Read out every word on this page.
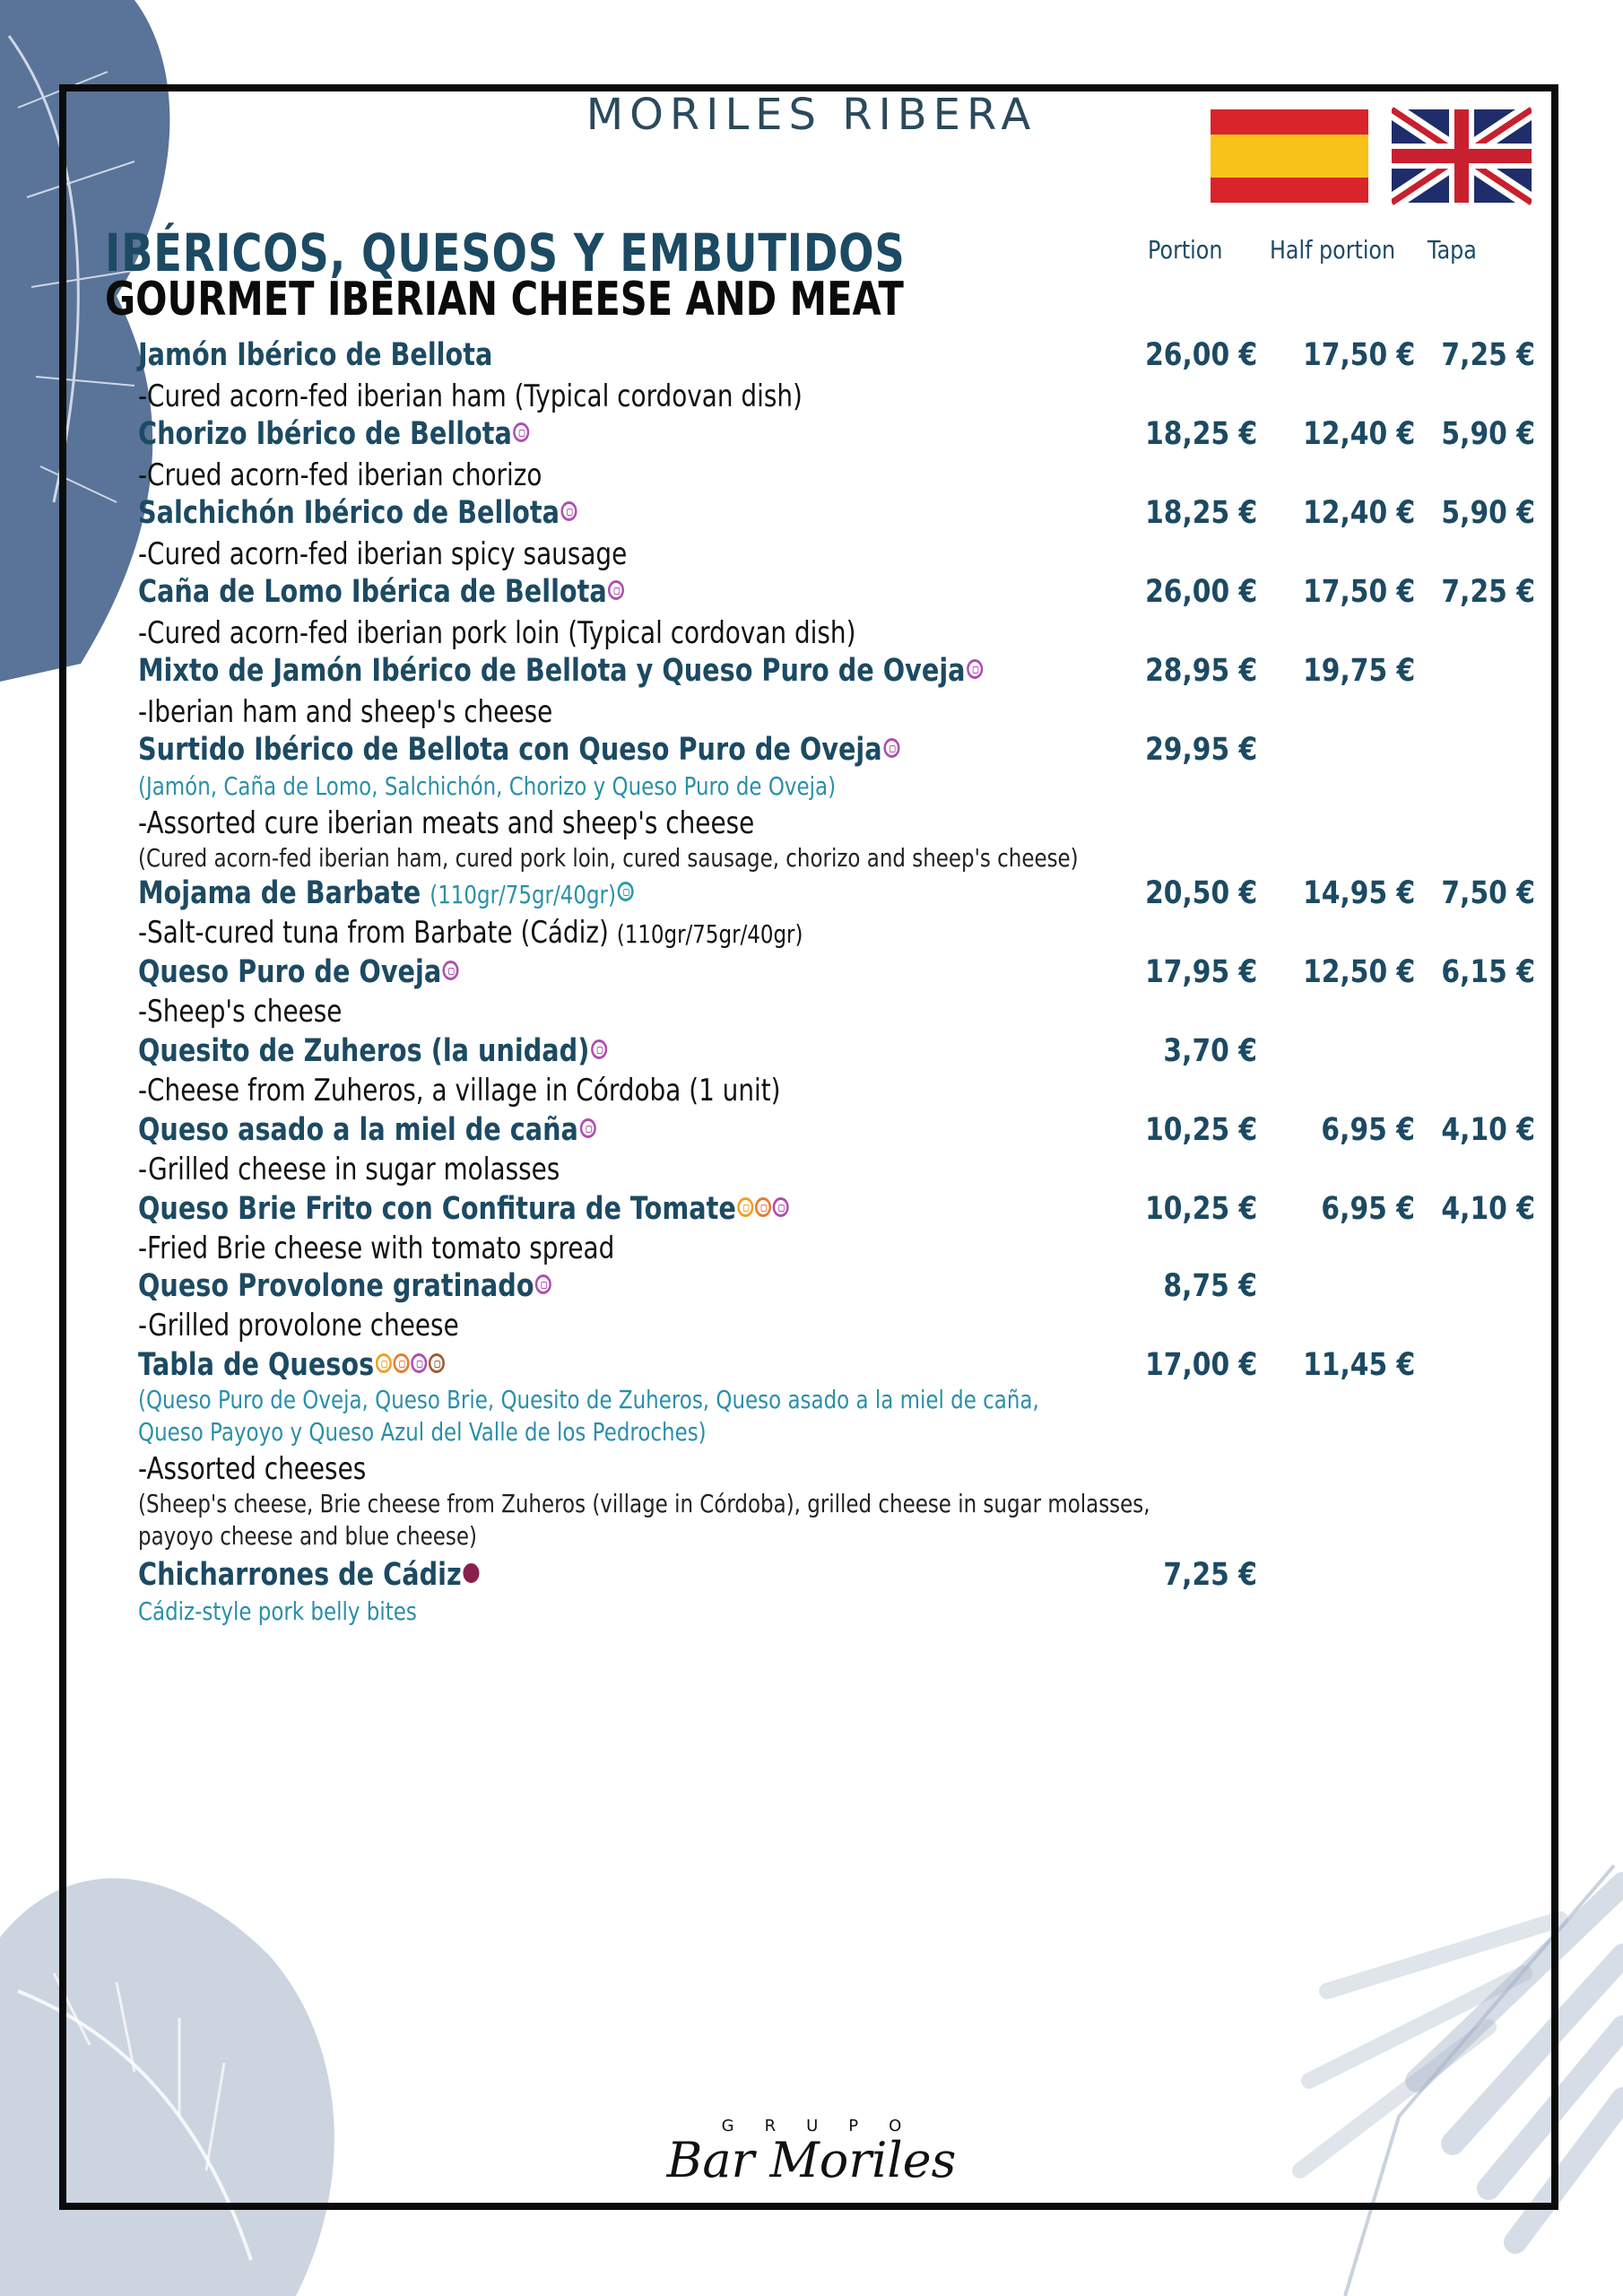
MORILES RIBERA
IBÉRICOS, QUESOS Y EMBUTIDOS
GOURMET IBERIAN CHEESE AND MEAT
Portion Half portion Tapa
Jamón Ibérico de Bellota	26,00 € 17,50 € 7,25 €
-Cured acorn-fed iberian ham (Typical cordovan dish)
Chorizo Ibérico de Bellota	18,25 € 12,40 € 5,90 €
-Crued acorn-fed iberian chorizo
Salchichón Ibérico de Bellota	18,25 € 12,40 € 5,90 €
-Cured acorn-fed iberian spicy sausage
Caña de Lomo Ibérica de Bellota	26,00 € 17,50 € 7,25 €
-Cured acorn-fed iberian pork loin (Typical cordovan dish)
Mixto de Jamón Ibérico de Bellota y Queso Puro de Oveja	28,95 € 19,75 €
-Iberian ham and sheep's cheese
Surtido Ibérico de Bellota con Queso Puro de Oveja	29,95 €
(Jamón, Caña de Lomo, Salchichón, Chorizo y Queso Puro de Oveja)
-Assorted cure iberian meats and sheep's cheese
(Cured acorn-fed iberian ham, cured pork loin, cured sausage, chorizo and sheep's cheese)
Mojama de Barbate (110gr/75gr/40gr)	20,50 € 14,95 € 7,50 €
-Salt-cured tuna from Barbate (Cádiz) (110gr/75gr/40gr)
Queso Puro de Oveja	17,95 € 12,50 € 6,15 €
-Sheep's cheese
Quesito de Zuheros (la unidad)	3,70 €
-Cheese from Zuheros, a village in Córdoba (1 unit)
Queso asado a la miel de caña	10,25 € 6,95 € 4,10 €
-Grilled cheese in sugar molasses
Queso Brie Frito con Confitura de Tomate	10,25 € 6,95 € 4,10 €
-Fried Brie cheese with tomato spread
Queso Provolone gratinado	8,75 €
-Grilled provolone cheese
Tabla de Quesos	17,00 € 11,45 €
(Queso Puro de Oveja, Queso Brie, Quesito de Zuheros, Queso asado a la miel de caña,
Queso Payoyo y Queso Azul del Valle de los Pedroches)
-Assorted cheeses
(Sheep's cheese, Brie cheese from Zuheros (village in Córdoba), grilled cheese in sugar molasses,
payoyo cheese and blue cheese)
Chicharrones de Cádiz	7,25 €
Cádiz-style pork belly bites
GRUPO
Bar Moriles
